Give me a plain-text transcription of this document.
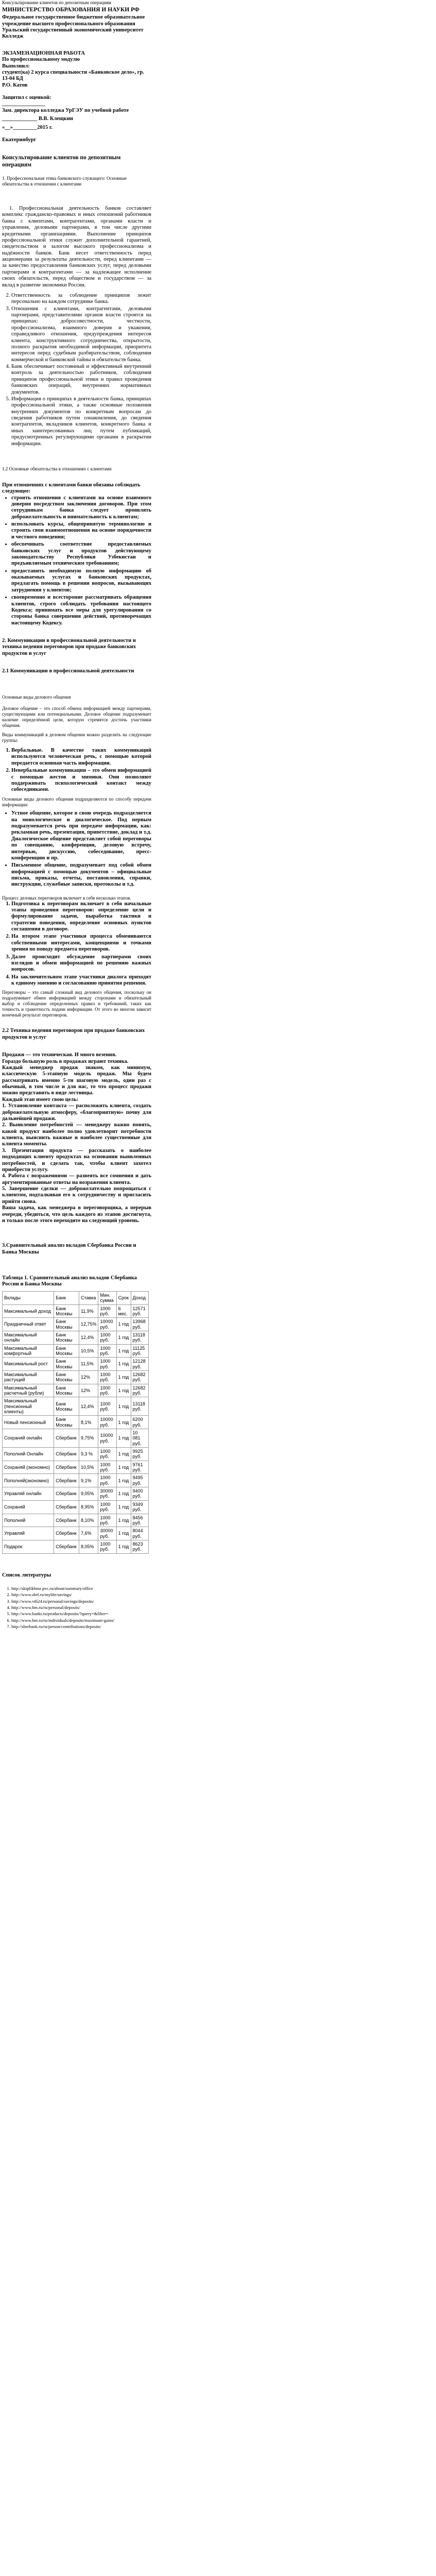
Консультирование клиентов по депозитным операциям

МИНИСТЕРСТВО ОБРАЗОВАНИЯ И НАУКИ РФ

Федеральное государственное бюджетное образовательное учреждение высшего профессионального образования Уральский государственный экономический университет Колледж

ЭКЗАМЕНАЦИОННАЯ РАБОТА

По профессиональному модулю

Выполнил:

студент(ка) 2 курса специальности «Банковское дело», гр. 13-04 БД

Р.О. Катов

Защитил с оценкой:

________________

Зам. директора колледжа УрГЭУ по учебной работе

_____________ В.В. Клещкин

«__»_________2015 г.

Екатеринбург

Консультирование клиентов по депозитным операциям

1. Профессиональная этика банковского служащего: Основные обязательства в отношении с клиентами

1. Профессиональная деятельность банков составляет комплекс гражданско-правовых и иных отношений работников банка с клиентами, контрагентами, органами власти и управления, деловыми партнерами, в том числе другими кредитными организациями. Выполнение принципов профессиональной этики служит дополнительной гарантией, свидетельством и залогом высокого профессионализма и надёжности банков. Банк несет ответственность перед акционерами за результаты деятельности, перед клиентами — за качество предоставления банковских услуг, перед деловыми партнерами и контрагентами — за надлежащее исполнение своих обязательств, перед обществом и государством — за вклад в развитие экономики России.

2. Ответственность за соблюдение принципов лежит персонально на каждом сотруднике банка.
3. Отношения с клиентами, контрагентами, деловыми партнерами, представителями органов власти строятся на принципах: добросовестности, честности, профессионализма, взаимного доверия и уважения, справедливого отношения, предупреждения интересов клиента, конструктивного сотрудничества, открытости, полного раскрытия необходимой информации, приоритета интересов перед судебным разбирательством, соблюдения коммерческой и банковской тайны и обязательств банка.
4. Банк обеспечивает постоянный и эффективный внутренний контроль за деятельностью работников, соблюдения принципов профессиональной этики и правил проведения банковских операций, внутренних нормативных документов.
5. Информация о принципах в деятельности банка, принципах профессиональной этики, а также основные положения внутренних документов по конкретным вопросам до сведения работников путем ознакомления, до сведения контрагентов, вкладчиков клиентов, конкретного банка и иных заинтересованных лиц путем публикаций, предусмотренных регулирующими органами в раскрытии информации.

1.2 Основные обязательства в отношениях с клиентами

При отношениях с клиентами банки обязаны соблюдать следующее:

• строить отношения с клиентами на основе взаимного доверия посредством заключения договоров. При этом сотрудникам банка следует проявлять доброжелательность и внимательность к клиентам;
• использовать курсы, общепринятую терминологию и строить свои взаимоотношения на основе порядочности и честного поведения;
• обеспечивать соответствие предоставляемых банковских услуг и продуктов действующему законодательству Республики Узбекистан и предъявляемым техническим требованиям;
• предоставить необходимую полную информацию об оказываемых услугах и банковских продуктах, предлагать помощь в решении вопросов, вызывающих затруднения у клиентов;
• своевременно и всесторонне рассматривать обращения клиентов, строго соблюдать требования настоящего Кодекса; принимать все меры для урегулирования со стороны банка совершения действий, противоречащих настоящему Кодексу.

2. Коммуникации в профессиональной деятельности и техника ведения переговоров при продаже банковских продуктов и услуг

2.1 Коммуникации в профессиональной деятельности

Основные виды делового общения

Деловое общение – это способ обмена информацией между партнерами, существующими или потенциальными. Деловое общение подразумевает наличие определённой цели, которую стремятся достичь участники общения.

Виды коммуникаций в деловом общении можно разделить на следующие группы:

1. Вербальные. В качестве таких коммуникаций используются человеческая речь, с помощью которой передается основная часть информации.
2. Невербальные коммуникации – это обмен информацией с помощью жестов и мимики. Они позволяют поддерживать психологический контакт между собеседниками.

Основные виды делового общения подразделяются по способу передачи информации:

• Устное общение, которое в свою очередь подразделяется на монологическое и диалогическое. Под первым подразумевается речь при передаче информации, как: рекламная речь, презентация, приветствие, доклад и т.д. Диалогическое общение представляет собой переговоры по совещанию, конференции, деловую встречу, интервью, дискуссию, собеседование, пресс-конференцию и пр.
• Письменное общение, подразумевает под собой обмен информацией с помощью документов – официальные письма, приказы, отчеты, постановления, справки, инструкции, служебные записки, протоколы и т.д.

Процесс деловых переговоров включает в себя несколько этапов.

1. Подготовка к переговорам включает в себя начальные этапы проведения переговоров: определение цели и формулирование задачи, выработка тактики и стратегии поведения, определение основных пунктов соглашения в договоре.
2. На втором этапе участники процесса обмениваются собственными интересами, концепциями и точками зрения по поводу предмета переговоров.
3. Далее происходит обсуждение партнерами своих взглядов и обмен информацией по решению важных вопросов.
4. На заключительном этапе участники диалога приходят к единому мнению и согласованию принятия решения.

Переговоры – это самый сложный вид делового общения, поскольку он подразумевает обмен информацией между сторонами и обязательный выбор и соблюдение определенных правил и требований, таких как точность и грамотность подачи информации. От этого во многом зависит конечный результат переговоров.

2.2 Техника ведения переговоров при продаже банковских продуктов и услуг

Продажи — это техническая. И много везения.

Гораздо большую роль в продажах играют техника.

Каждый менеджер продаж знаком, как минимум, классическую 5-этапную модель продаж. Мы будем рассматривать именно 5-ти шаговую модель, один раз с обычный, в том числе и для нас, то что процесс продажи можно представить в виде лестницы.

Каждый этап имеет свою цель:

1. Установление контакта — расположить клиента, создать доброжелательную атмосферу, «благоприятную» почву для дальнейшей продажи.

2. Выявление потребностей — менеджеру важно понять, какой продукт наиболее полно удовлетворит потребности клиента, выяснить важные и наиболее существенные для клиента моменты.

3. Презентация продукта — рассказать о наиболее подходящих клиенту продуктах на основании выявленных потребностей, и сделать так, чтобы клиент захотел приобрести услугу.

4. Работа с возражениями — развеять все сомнения и дать аргументированные ответы на возражения клиента.

5. Завершение сделки — доброжелательно попрощаться с клиентом, подталкивая его к сотрудничеству и пригласить прийти снова.

Ваша задача, как менеджера в переговорщика, а перерыв очереди, убедиться, что цель каждого из этапов достигнута, и только после этого переходите на следующий уровень.

3.Сравнительный анализ вкладов Сбербанка России и Банка Москвы

Таблица 1. Сравнительный анализ вкладов Сбербанка России и Банка Москвы

Вклады	Банк	Ставка	Мин. сумма	Срок	Доход
Максимальный доход	Банк Москвы	11,9%	1000 руб.	6 мес.	12571 руб.
Праздничный ответ	Банк Москвы	12,75%	10000 руб.	1 год	13968 руб.
Максимальный онлайн	Банк Москвы	12,4%	1000 руб.	1 год	13118 руб.
Максимальный комфортный	Банк Москвы	10,5%	1000 руб.	1 год	11125 руб.
Максимальный рост	Банк Москвы	11,5%	1000 руб.	1 год	12128 руб.
Максимальный растущий	Банк Москвы	12%	1000 руб.	1 год	12682 руб.
Максимальный расчетный (рубли)	Банк Москвы	12%	1000 руб.	1 год	12682 руб.
Максимальный (пенсионный клиенты)	Банк Москвы	12,4%	1000 руб.	1 год	13118 руб.
Новый пенсионный	Банк Москвы	8,1%	10000 руб.	1 год	6200 руб.
Сохраняй онлайн	Сбербанк	9,75%	10000 руб.	1 год	10 081 руб.
Пополняй Онлайн	Сбербанк	9,3 %	1000 руб.	1 год	9925 руб.
Сохраняй (экономно)	Сбербанк	10,5%	1000 руб.	1 год	9761 руб.
Пополняй(экономно)	Сбербанк	9,1%	1000 руб.	1 год	9495 руб.
Управляй онлайн	Сбербанк	9,05%	30000 руб.	1 год	9400 руб.
Сохраняй	Сбербанк	8,95%	1000 руб.	1 год	9349 руб.
Пополняй	Сбербанк	8,10%	1000 руб.	1 год	8456 руб.
Управляй	Сбербанк	7,6%	30000 руб.	1 год	8044 руб.
Подарок	Сбербанк	8,05%	1000 руб.	1 год	8623 руб.

Список литературы

1. http://skiplikbmz.pvc.ru/about/summary/office
2. http://www.sbrf.ru/mylife/savings/
3. http://www.vtb24.ru/personal/savings/deposits/
4. http://www.bm.ru/ru/personal/deposits/
5. http://www.banki.ru/products/deposits/?query=&filter=
6. http://www.bm.ru/ru/individuals/deposits/maximum-gains/
7. http://sberbank.ru/ru/person/contributions/deposits/
